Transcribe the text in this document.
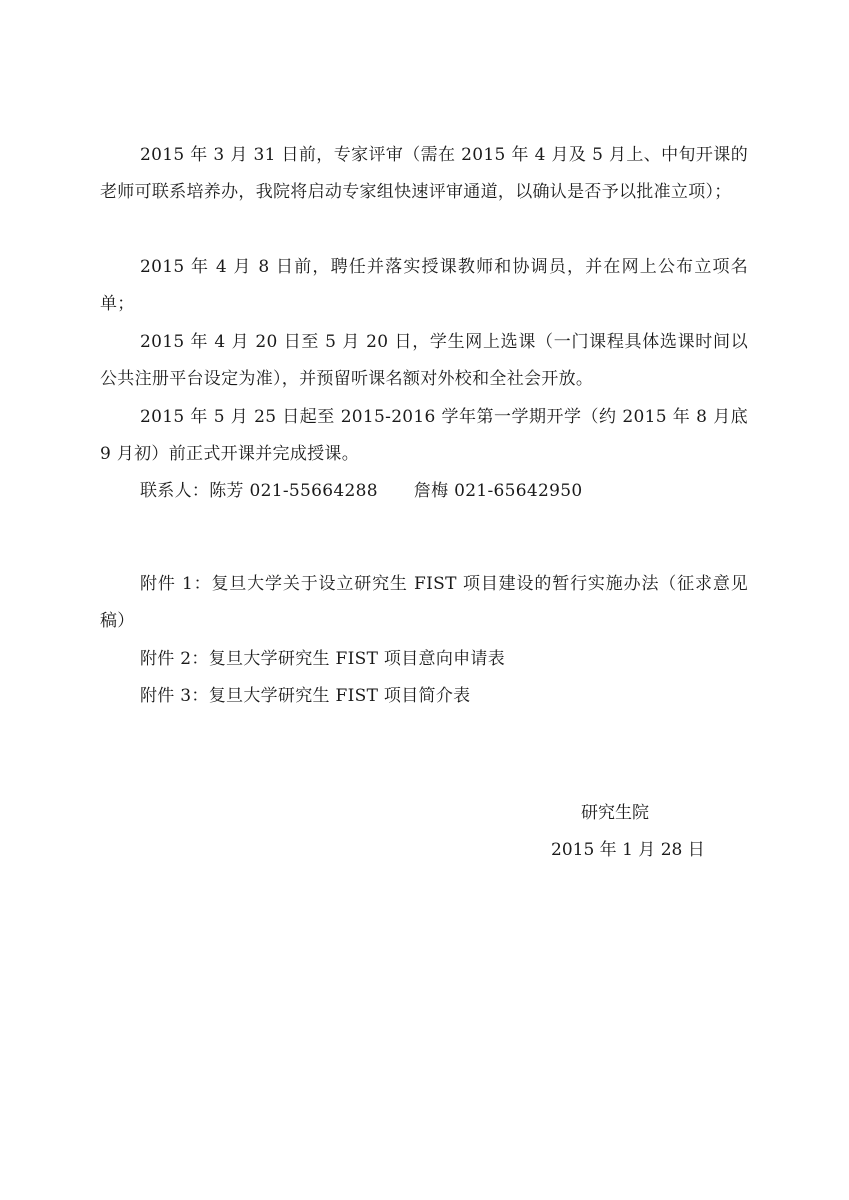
2015 年 3 月 31 日前，专家评审（需在 2015 年 4 月及 5 月上、中旬开课的老师可联系培养办，我院将启动专家组快速评审通道，以确认是否予以批准立项）；

2015 年 4 月 8 日前，聘任并落实授课教师和协调员，并在网上公布立项名单；

2015 年 4 月 20 日至 5 月 20 日，学生网上选课（一门课程具体选课时间以公共注册平台设定为准），并预留听课名额对外校和全社会开放。

2015 年 5 月 25 日起至 2015-2016 学年第一学期开学（约 2015 年 8 月底 9 月初）前正式开课并完成授课。

联系人：陈芳 021-55664288 詹梅 021-65642950

附件 1：复旦大学关于设立研究生 FIST 项目建设的暂行实施办法（征求意见稿）

附件 2：复旦大学研究生 FIST 项目意向申请表

附件 3：复旦大学研究生 FIST 项目简介表

研究生院

2015 年 1 月 28 日
